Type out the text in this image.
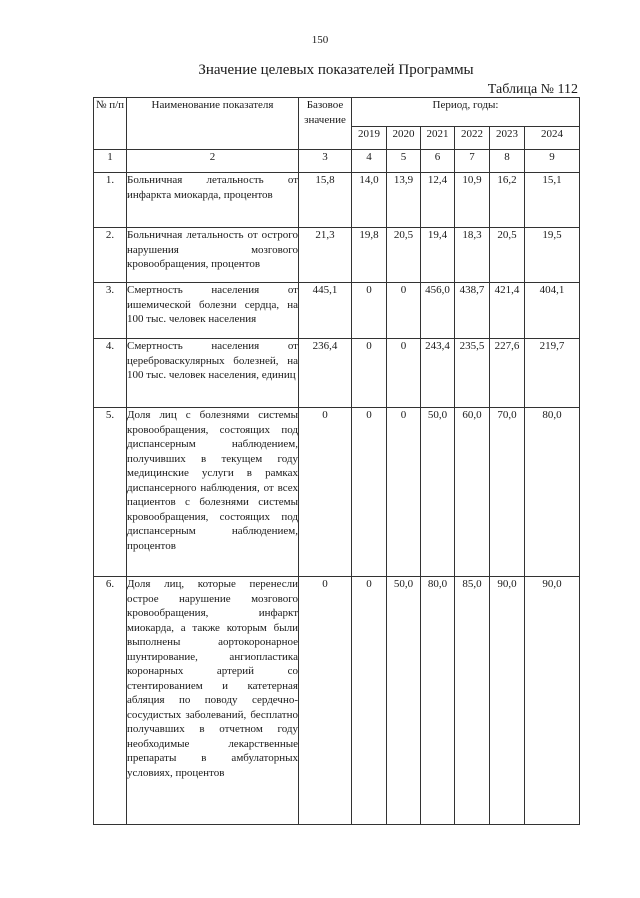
150
Значение целевых показателей Программы
Таблица № 112
№ п/п	Наименование показателя	Базовое значение	Период, годы:					
			2019	2020	2021	2022	2023	2024
1	2	3	4	5	6	7	8	9
1.	Больничная летальность от инфаркта миокарда, процентов	15,8	14,0	13,9	12,4	10,9	16,2	15,1
2.	Больничная летальность от острого нарушения мозгового кровообращения, процентов	21,3	19,8	20,5	19,4	18,3	20,5	19,5
3.	Смертность населения от ишемической болезни сердца, на 100 тыс. человек населения	445,1	0	0	456,0	438,7	421,4	404,1
4.	Смертность населения от цереброваскулярных болезней, на 100 тыс. человек населения, единиц	236,4	0	0	243,4	235,5	227,6	219,7
5.	Доля лиц с болезнями системы кровообращения, состоящих под диспансерным наблюдением, получивших в текущем году медицинские услуги в рамках диспансерного наблюдения, от всех пациентов с болезнями системы кровообращения, состоящих под диспансерным наблюдением, процентов	0	0	0	50,0	60,0	70,0	80,0
6.	Доля лиц, которые перенесли острое нарушение мозгового кровообращения, инфаркт миокарда, а также которым были выполнены аортокоронарное шунтирование, ангиопластика коронарных артерий со стентированием и катетерная абляция по поводу сердечно-сосудистых заболеваний, бесплатно получавших в отчетном году необходимые лекарственные препараты в амбулаторных условиях, процентов	0	0	50,0	80,0	85,0	90,0	90,0
